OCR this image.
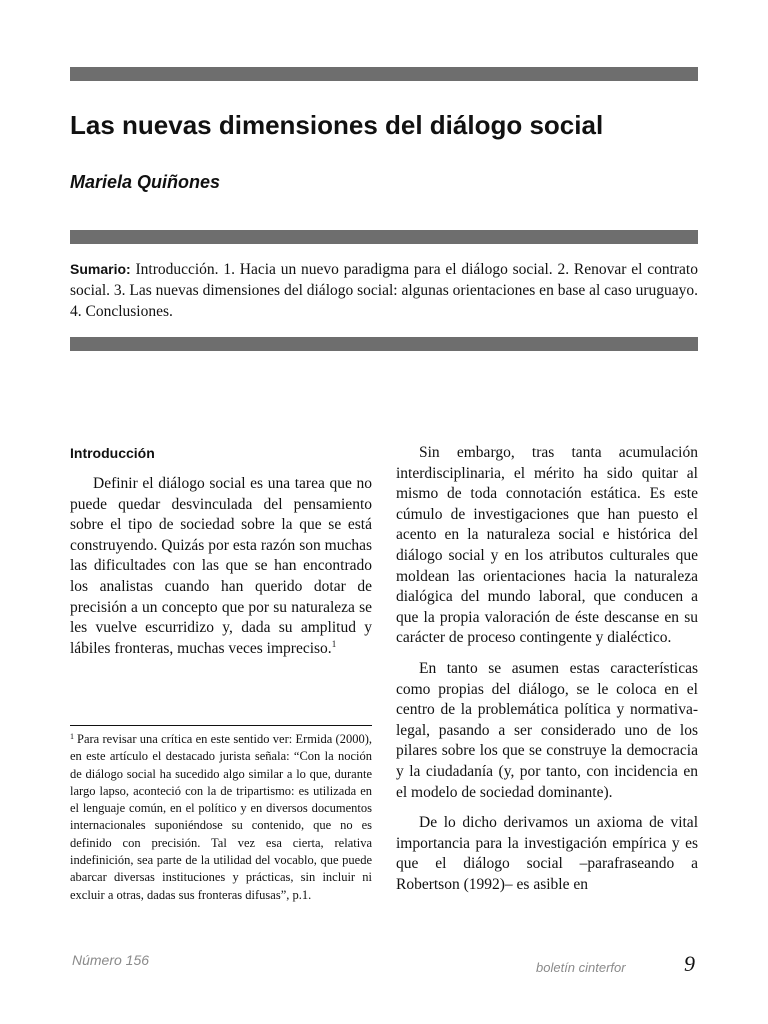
Las nuevas dimensiones del diálogo social
Mariela Quiñones

Sumario: Introducción. 1. Hacia un nuevo paradigma para el diálogo social. 2. Renovar el contrato social. 3. Las nuevas dimensiones del diálogo social: algunas orientaciones en base al caso uruguayo. 4. Conclusiones.

Introducción

Definir el diálogo social es una tarea que no puede quedar desvinculada del pensamiento sobre el tipo de sociedad sobre la que se está construyendo. Quizás por esta razón son muchas las dificultades con las que se han encontrado los analistas cuando han querido dotar de precisión a un concepto que por su naturaleza se les vuelve escurridizo y, dada su amplitud y lábiles fronteras, muchas veces impreciso.$^1$

$^1$ Para revisar una crítica en este sentido ver: Ermida (2000), en este artículo el destacado jurista señala: “Con la noción de diálogo social ha sucedido algo similar a lo que, durante largo lapso, aconteció con la de tripartismo: es utilizada en el lenguaje común, en el político y en diversos documentos internacionales suponiéndose su contenido, que no es definido con precisión. Tal vez esa cierta, relativa indefinición, sea parte de la utilidad del vocablo, que puede abarcar diversas instituciones y prácticas, sin incluir ni excluir a otras, dadas sus fronteras difusas”, p.1.

Sin embargo, tras tanta acumulación interdisciplinaria, el mérito ha sido quitar al mismo de toda connotación estática. Es este cúmulo de investigaciones que han puesto el acento en la naturaleza social e histórica del diálogo social y en los atributos culturales que moldean las orientaciones hacia la naturaleza dialógica del mundo laboral, que conducen a que la propia valoración de éste descanse en su carácter de proceso contingente y dialéctico.

En tanto se asumen estas características como propias del diálogo, se le coloca en el centro de la problemática política y normativa-legal, pasando a ser considerado uno de los pilares sobre los que se construye la democracia y la ciudadanía (y, por tanto, con incidencia en el modelo de sociedad dominante).

De lo dicho derivamos un axioma de vital importancia para la investigación empírica y es que el diálogo social –parafraseando a Robertson (1992)– es asible en

Número 156	boletín cinterfor	9
